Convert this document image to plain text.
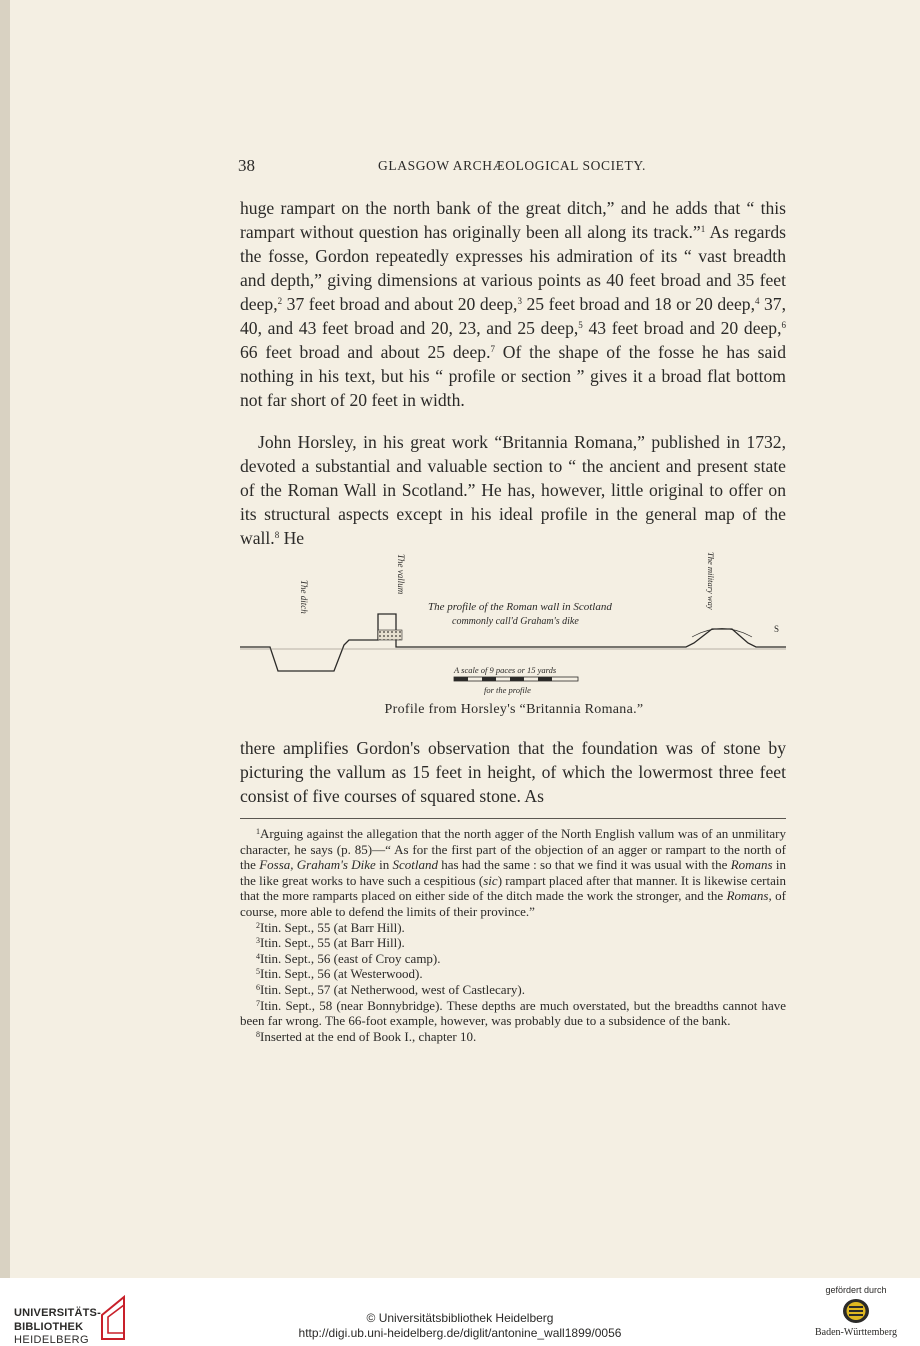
38	GLASGOW ARCHÆOLOGICAL SOCIETY.

huge rampart on the north bank of the great ditch,” and he adds that “ this rampart without question has originally been all along its track.”$^1$ As regards the fosse, Gordon repeatedly expresses his admiration of its “ vast breadth and depth,” giving dimensions at various points as 40 feet broad and 35 feet deep,$^2$ 37 feet broad and about 20 deep,$^3$ 25 feet broad and 18 or 20 deep,$^4$ 37, 40, and 43 feet broad and 20, 23, and 25 deep,$^5$ 43 feet broad and 20 deep,$^6$ 66 feet broad and about 25 deep.$^7$ Of the shape of the fosse he has said nothing in his text, but his “ profile or section ” gives it a broad flat bottom not far short of 20 feet in width.

John Horsley, in his great work “Britannia Romana,” published in 1732, devoted a substantial and valuable section to “ the ancient and present state of the Roman Wall in Scotland.” He has, however, little original to offer on its structural aspects except in his ideal profile in the general map of the wall.$^8$ He

The ditch
The vallum	The military way
The profile of the Roman wall in Scotland
commonly call'd Graham's dike
S
A scale of 9 paces or 15 yards
for the profile
Profile from Horsley's “Britannia Romana.”

there amplifies Gordon's observation that the foundation was of stone by picturing the vallum as 15 feet in height, of which the lowermost three feet consist of five courses of squared stone. As

$^1$Arguing against the allegation that the north agger of the North English vallum was of an unmilitary character, he says (p. 85)—“ As for the first part of the objection of an agger or rampart to the north of the Fossa, Graham's Dike in Scotland has had the same : so that we find it was usual with the Romans in the like great works to have such a cespitious (sic) rampart placed after that manner. It is likewise certain that the more ramparts placed on either side of the ditch made the work the stronger, and the Romans, of course, more able to defend the limits of their province.”

$^2$Itin. Sept., 55 (at Barr Hill).

$^3$Itin. Sept., 55 (at Barr Hill).

$^4$Itin. Sept., 56 (east of Croy camp).

$^5$Itin. Sept., 56 (at Westerwood).

$^6$Itin. Sept., 57 (at Netherwood, west of Castlecary).

$^7$Itin. Sept., 58 (near Bonnybridge). These depths are much overstated, but the breadths cannot have been far wrong. The 66-foot example, however, was probably due to a subsidence of the bank.

$^8$Inserted at the end of Book I., chapter 10.

UNIVERSITÄTS-
BIBLIOTHEK
HEIDELBERG
© Universitätsbibliothek Heidelberg
http://digi.ub.uni-heidelberg.de/diglit/antonine_wall1899/0056
gefördert durch
Baden-Württemberg
